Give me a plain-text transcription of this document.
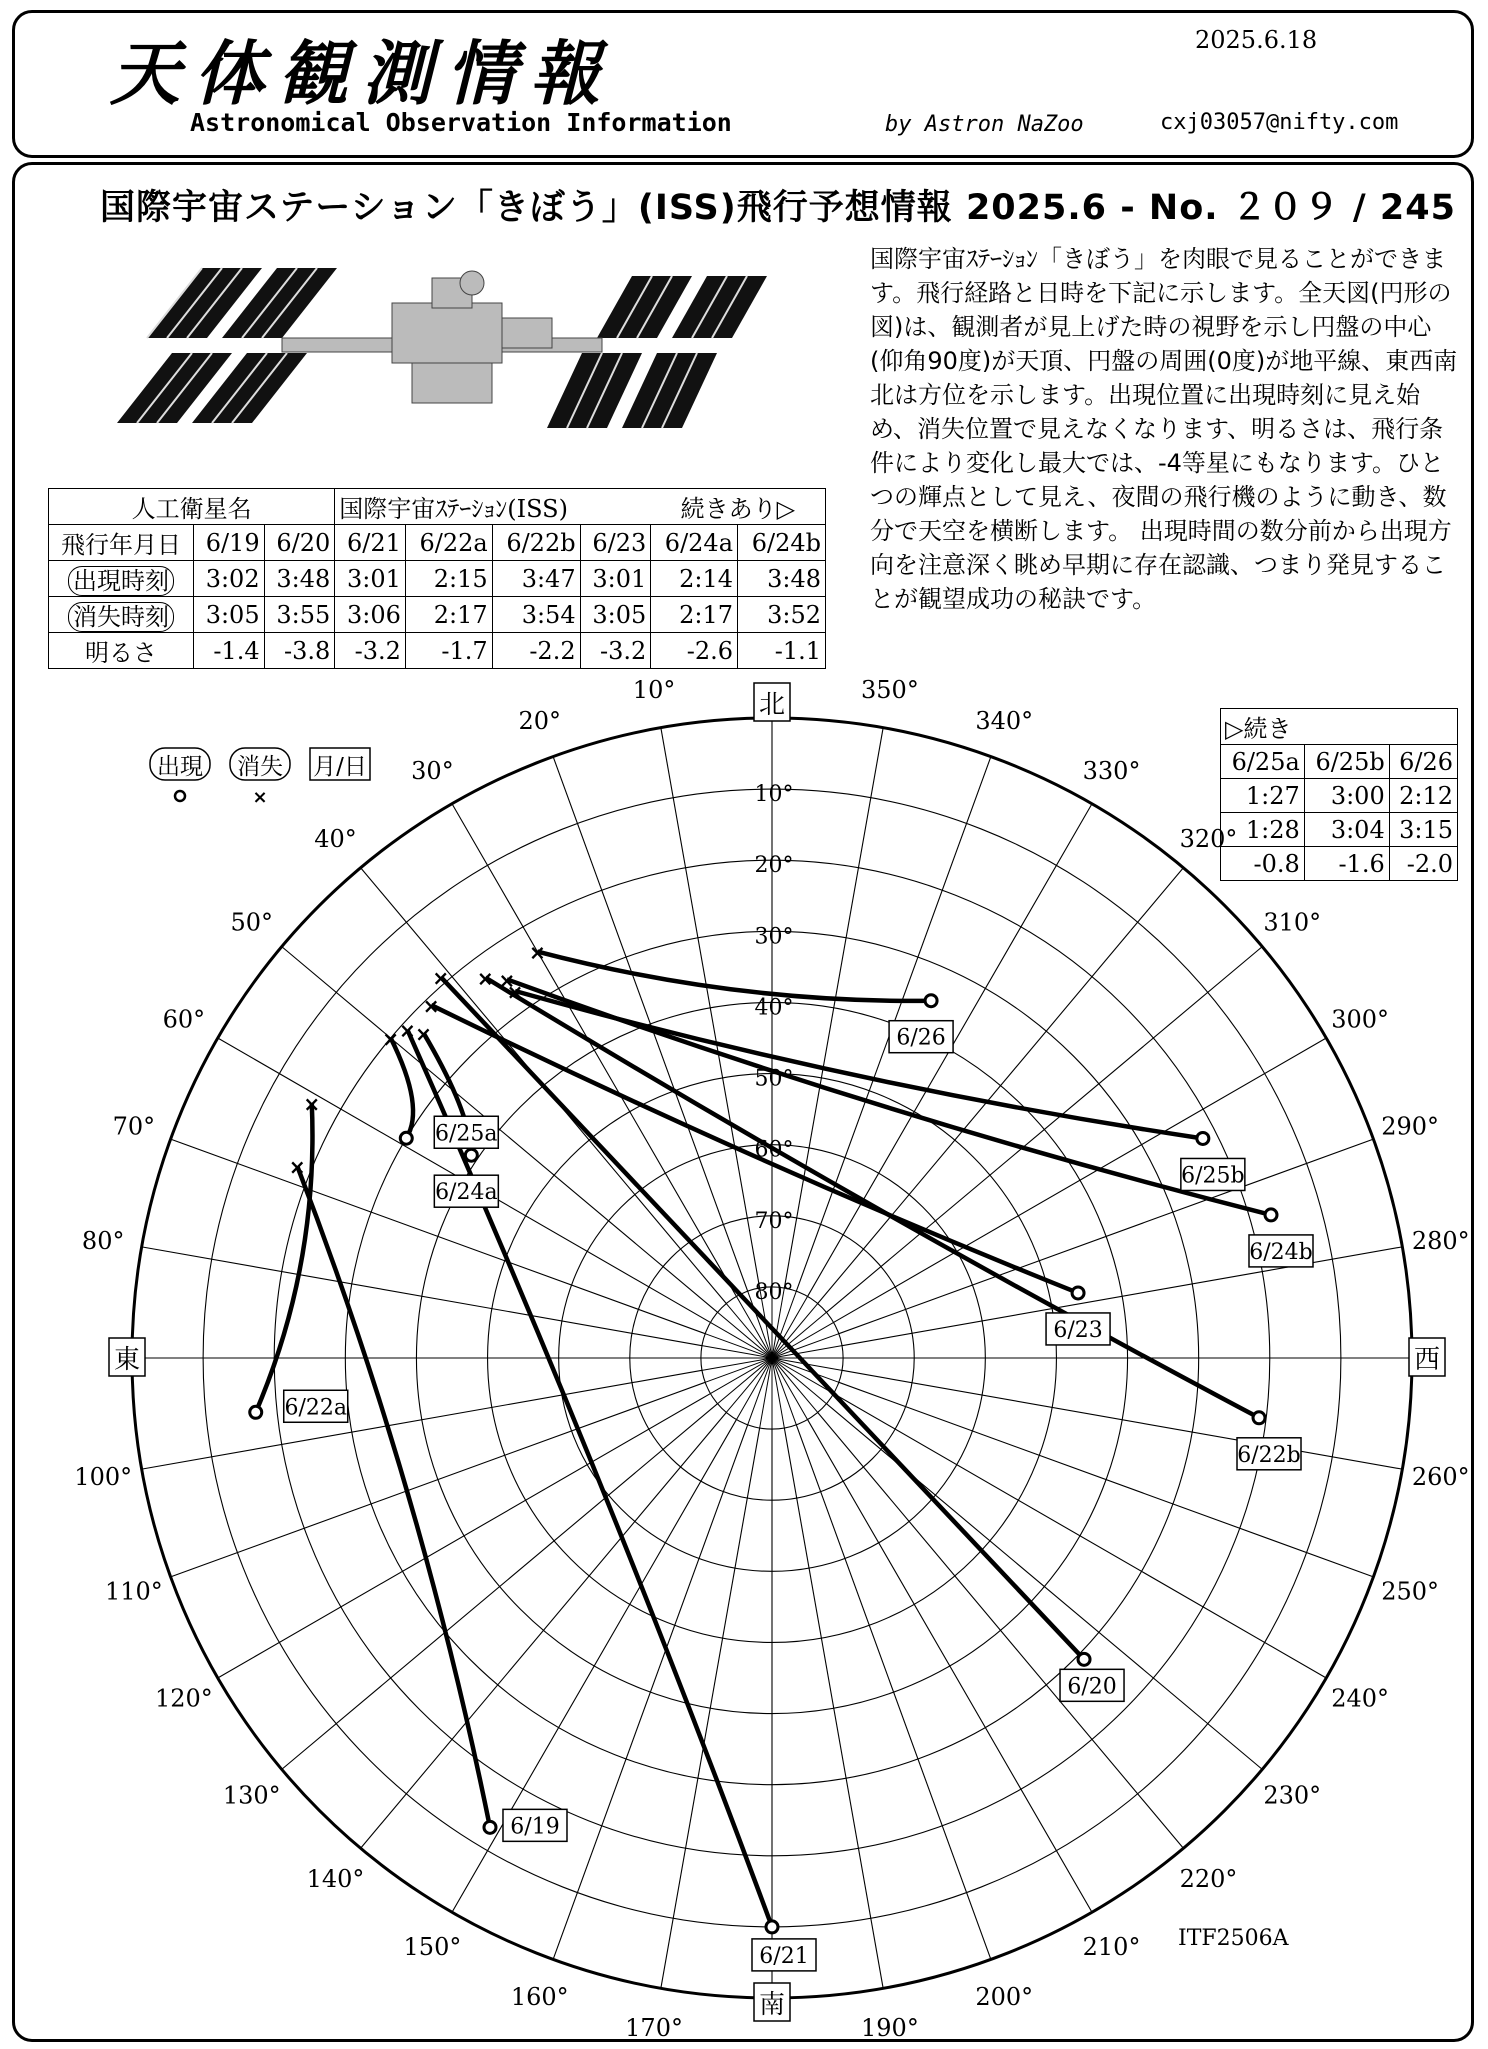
天体観測情報	2025.6.18
Astronomical Observation Information	by Astron NaZoo	cxj03057@nifty.com
国際宇宙ステーション「きぼう」(ISS)飛行予想情報 2025.6 - No. ２０９ / 245
国際宇宙ｽﾃｰｼｮﾝ「きぼう」を肉眼で見ることができます。飛行経路と日時を下記に示します。全天図(円形の図)は、観測者が見上げた時の視野を示し円盤の中心(仰角90度)が天頂、円盤の周囲(0度)が地平線、東西南北は方位を示します。出現位置に出現時刻に見え始め、消失位置で見えなくなります、明るさは、飛行条件により変化し最大では、-4等星にもなります。ひとつの輝点として見え、夜間の飛行機のように動き、数分で天空を横断します。 出現時間の数分前から出現方向を注意深く眺め早期に存在認識、つまり発見することが観望成功の秘訣です。
人工衛星名			国際宇宙ｽﾃｰｼｮﾝ(ISS)				続きあり▷	
飛行年月日	6/19	6/20	6/21	6/22a	6/22b	6/23	6/24a	6/24b
出現時刻	3:02	3:48	3:01	2:15	3:47	3:01	2:14	3:48
消失時刻	3:05	3:55	3:06	2:17	3:54	3:05	2:17	3:52
明るさ	-1.4	-3.8	-3.2	-1.7	-2.2	-3.2	-2.6	-1.1
▷続き		
6/25a	6/25b	6/26
1:27	3:00	2:12
1:28	3:04	3:15
-0.8	-1.6	-2.0
10°
20°
30°
40°
50°
60°
70°
80°
100°
110°
120°
130°
140°
150°
160°
170°	190°
200°
210°
220°
230°
240°
250°
260°
280°
290°
300°
310°
320°
330°
340°
350°
10°
20°
30°
40°
50°
60°
70°
80°
北
南
東	西
×
6/19
×
6/20
×
6/21
×
6/22a
×
6/22b
×
6/23
×
6/24a
×
6/24b
×
6/25a
×
6/25b
×
6/26
出現 消失 月/日
×
ITF2506A
